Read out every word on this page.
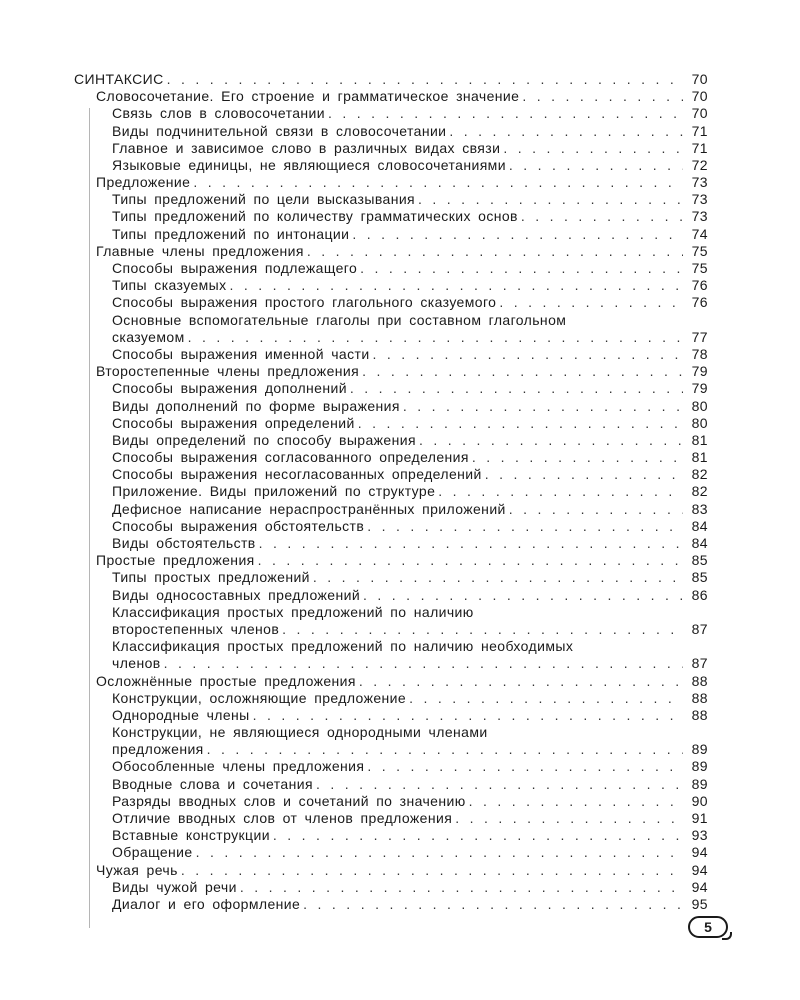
СИНТАКСИС . . .	70
Словосочетание. Его строение и грамматическое значение . . .	70
Связь слов в словосочетании . . .	70
Виды подчинительной связи в словосочетании . . .	71
Главное и зависимое слово в различных видах связи . . .	71
Языковые единицы, не являющиеся словосочетаниями . . .	72
Предложение . . .	73
Типы предложений по цели высказывания . . .	73
Типы предложений по количеству грамматических основ . . .	73
Типы предложений по интонации . . .	74
Главные члены предложения . . .	75
Способы выражения подлежащего . . .	75
Типы сказуемых . . .	76
Способы выражения простого глагольного сказуемого . . .	76
Основные вспомогательные глаголы при составном глагольном
сказуемом . . .	77
Способы выражения именной части . . .	78
Второстепенные члены предложения . . .	79
Способы выражения дополнений . . .	79
Виды дополнений по форме выражения . . .	80
Способы выражения определений . . .	80
Виды определений по способу выражения . . .	81
Способы выражения согласованного определения . . .	81
Способы выражения несогласованных определений . . .	82
Приложение. Виды приложений по структуре . . .	82
Дефисное написание нераспространённых приложений . . .	83
Способы выражения обстоятельств . . .	84
Виды обстоятельств . . .	84
Простые предложения . . .	85
Типы простых предложений . . .	85
Виды односоставных предложений . . .	86
Классификация простых предложений по наличию
второстепенных членов . . .	87
Классификация простых предложений по наличию необходимых
членов . . .	87
Осложнённые простые предложения . . .	88
Конструкции, осложняющие предложение . . .	88
Однородные члены . . .	88
Конструкции, не являющиеся однородными членами
предложения . . .	89
Обособленные члены предложения . . .	89
Вводные слова и сочетания . . .	89
Разряды вводных слов и сочетаний по значению . . .	90
Отличие вводных слов от членов предложения . . .	91
Вставные конструкции . . .	93
Обращение . . .	94
Чужая речь . . .	94
Виды чужой речи . . .	94
Диалог и его оформление . . .	95
5
